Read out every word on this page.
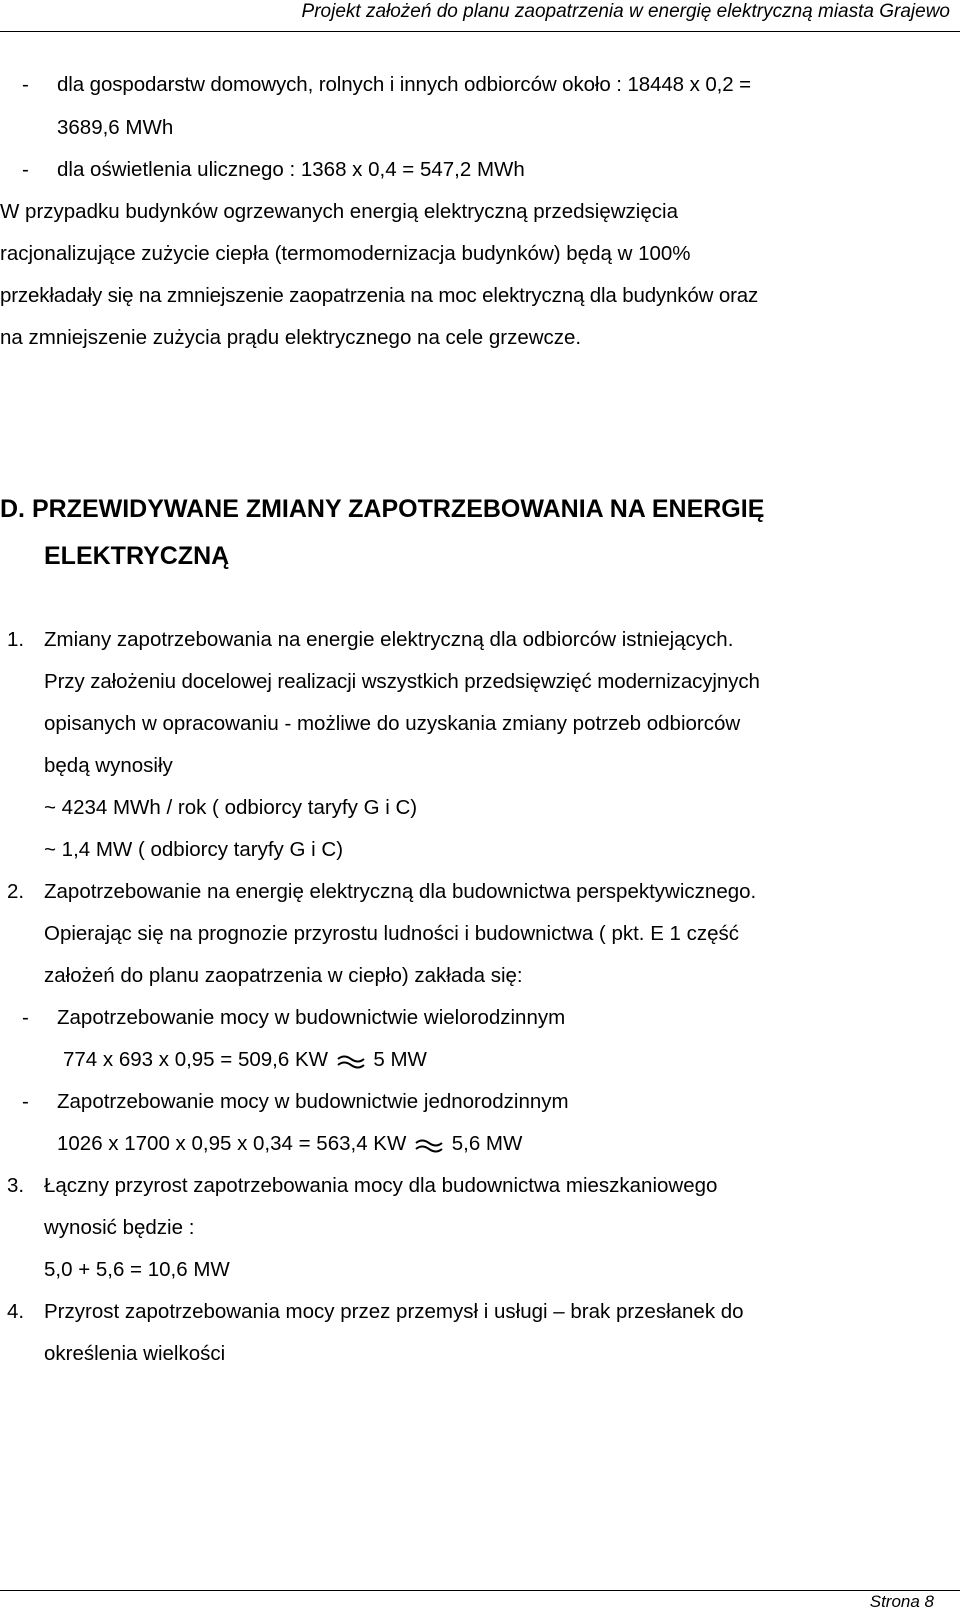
Projekt założeń do planu zaopatrzenia w energię elektryczną miasta Grajewo
- dla gospodarstw domowych, rolnych i innych odbiorców około : 18448 x 0,2 =
3689,6 MWh
- dla oświetlenia ulicznego : 1368 x 0,4 = 547,2 MWh
W przypadku budynków ogrzewanych energią elektryczną przedsięwzięcia
racjonalizujące zużycie ciepła (termomodernizacja budynków) będą w 100%
przekładały się na zmniejszenie zaopatrzenia na moc elektryczną dla budynków oraz
na zmniejszenie zużycia prądu elektrycznego na cele grzewcze.
D. PRZEWIDYWANE ZMIANY ZAPOTRZEBOWANIA NA ENERGIĘ
ELEKTRYCZNĄ
1. Zmiany zapotrzebowania na energie elektryczną dla odbiorców istniejących.
Przy założeniu docelowej realizacji wszystkich przedsięwzięć modernizacyjnych
opisanych w opracowaniu - możliwe do uzyskania zmiany potrzeb odbiorców
będą wynosiły
~ 4234 MWh / rok ( odbiorcy taryfy G i C)
~ 1,4 MW ( odbiorcy taryfy G i C)
2. Zapotrzebowanie na energię elektryczną dla budownictwa perspektywicznego.
Opierając się na prognozie przyrostu ludności i budownictwa ( pkt. E 1 część
założeń do planu zaopatrzenia w ciepło) zakłada się:
- Zapotrzebowanie mocy w budownictwie wielorodzinnym
774 x 693 x 0,95 = 509,6 KW 5 MW
- Zapotrzebowanie mocy w budownictwie jednorodzinnym
1026 x 1700 x 0,95 x 0,34 = 563,4 KW 5,6 MW
3. Łączny przyrost zapotrzebowania mocy dla budownictwa mieszkaniowego
wynosić będzie :
5,0 + 5,6 = 10,6 MW
4. Przyrost zapotrzebowania mocy przez przemysł i usługi – brak przesłanek do
określenia wielkości
Strona 8
